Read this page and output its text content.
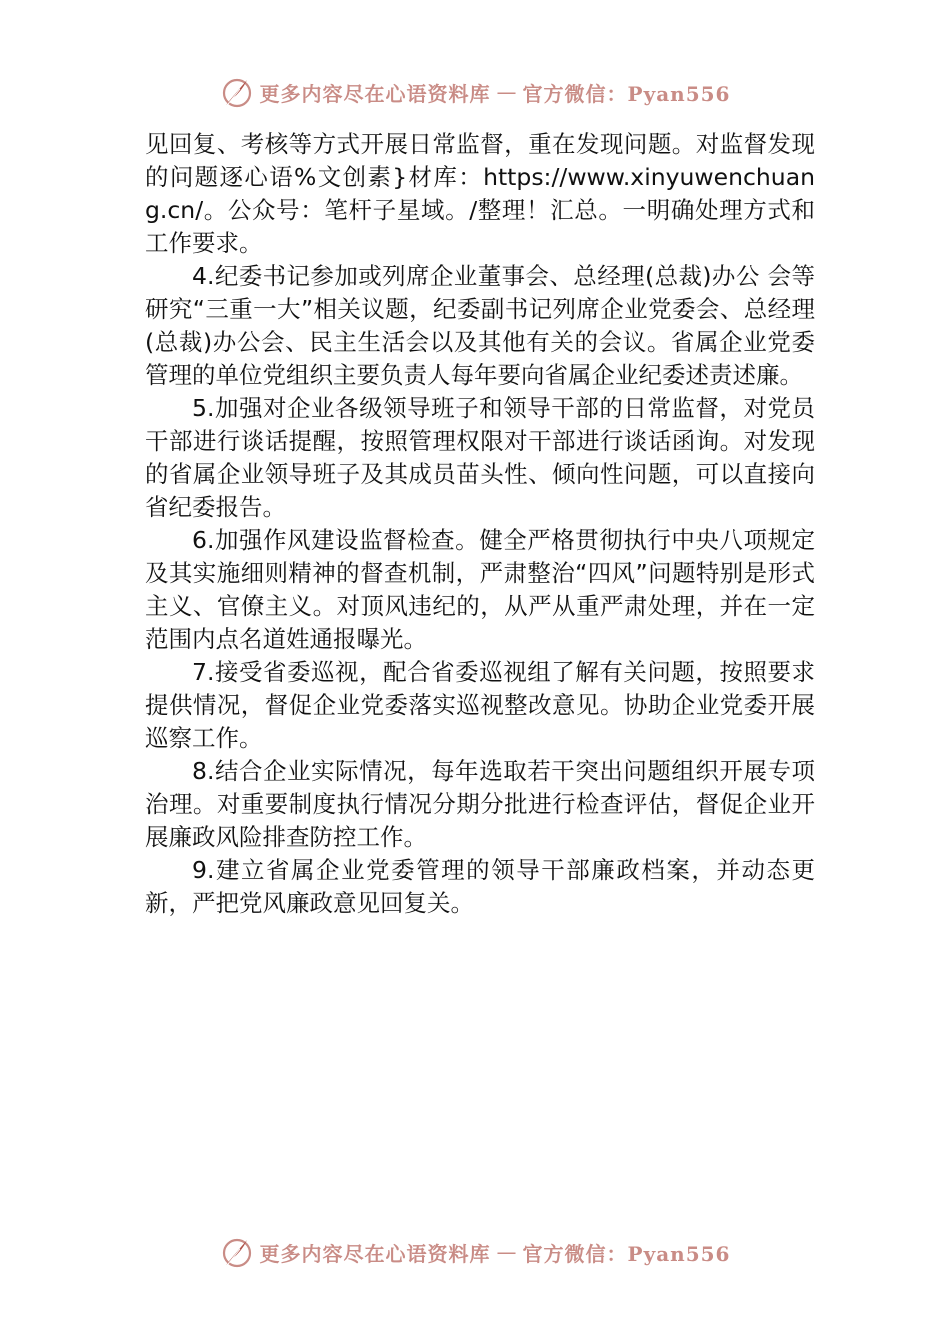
更多内容尽在心语资料库 — 官方微信：Pyan556

见回复、考核等方式开展日常监督，重在发现问题。对监督发现的问题逐心语%文创素}材库：https://www.xinyuwenchuang.cn/。公众号：笔杆子星域。/整理！汇总。一明确处理方式和工作要求。

4.纪委书记参加或列席企业董事会、总经理(总裁)办公 会等研究“三重一大”相关议题，纪委副书记列席企业党委会、总经理(总裁)办公会、民主生活会以及其他有关的会议。省属企业党委管理的单位党组织主要负责人每年要向省属企业纪委述责述廉。

5.加强对企业各级领导班子和领导干部的日常监督，对党员干部进行谈话提醒，按照管理权限对干部进行谈话函询。对发现的省属企业领导班子及其成员苗头性、倾向性问题，可以直接向省纪委报告。

6.加强作风建设监督检查。健全严格贯彻执行中央八项规定及其实施细则精神的督查机制，严肃整治“四风”问题特别是形式主义、官僚主义。对顶风违纪的，从严从重严肃处理，并在一定范围内点名道姓通报曝光。

7.接受省委巡视，配合省委巡视组了解有关问题，按照要求提供情况，督促企业党委落实巡视整改意见。协助企业党委开展巡察工作。

8.结合企业实际情况，每年选取若干突出问题组织开展专项治理。对重要制度执行情况分期分批进行检查评估，督促企业开展廉政风险排查防控工作。

9.建立省属企业党委管理的领导干部廉政档案，并动态更新，严把党风廉政意见回复关。

更多内容尽在心语资料库 — 官方微信：Pyan556
